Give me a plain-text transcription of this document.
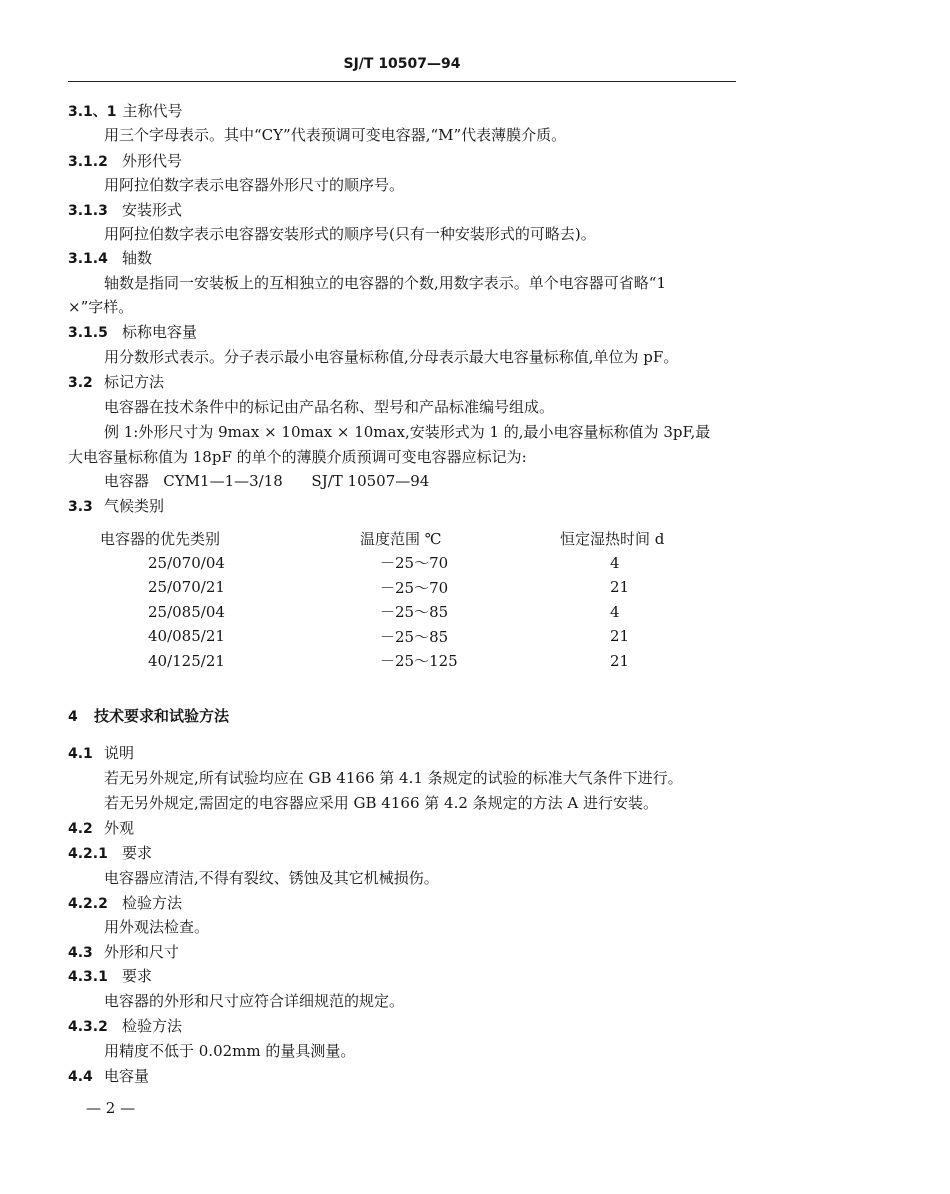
SJ/T 10507—94
3.1、1 主称代号
用三个字母表示。其中“CY”代表预调可变电容器,“M”代表薄膜介质。
3.1.2 外形代号
用阿拉伯数字表示电容器外形尺寸的顺序号。
3.1.3 安装形式
用阿拉伯数字表示电容器安装形式的顺序号(只有一种安装形式的可略去)。
3.1.4 轴数
轴数是指同一安装板上的互相独立的电容器的个数,用数字表示。单个电容器可省略“1
×”字样。
3.1.5 标称电容量
用分数形式表示。分子表示最小电容量标称值,分母表示最大电容量标称值,单位为 pF。
3.2 标记方法
电容器在技术条件中的标记由产品名称、型号和产品标准编号组成。
例 1:外形尺寸为 9max × 10max × 10max,安装形式为 1 的,最小电容量标称值为 3pF,最
大电容量标称值为 18pF 的单个的薄膜介质预调可变电容器应标记为:
电容器   CYM1—1—3/18      SJ/T 10507—94
3.3 气候类别
电容器的优先类别	温度范围 ℃	恒定湿热时间 d
25/070/04	－25～70	4
25/070/21	－25～70	21
25/085/04	－25～85	4
40/085/21	－25～85	21
40/125/21	－25～125	21
4 技术要求和试验方法
4.1 说明
若无另外规定,所有试验均应在 GB 4166 第 4.1 条规定的试验的标准大气条件下进行。
若无另外规定,需固定的电容器应采用 GB 4166 第 4.2 条规定的方法 A 进行安装。
4.2 外观
4.2.1 要求
电容器应清洁,不得有裂纹、锈蚀及其它机械损伤。
4.2.2 检验方法
用外观法检查。
4.3 外形和尺寸
4.3.1 要求
电容器的外形和尺寸应符合详细规范的规定。
4.3.2 检验方法
用精度不低于 0.02mm 的量具测量。
4.4 电容量
— 2 —
